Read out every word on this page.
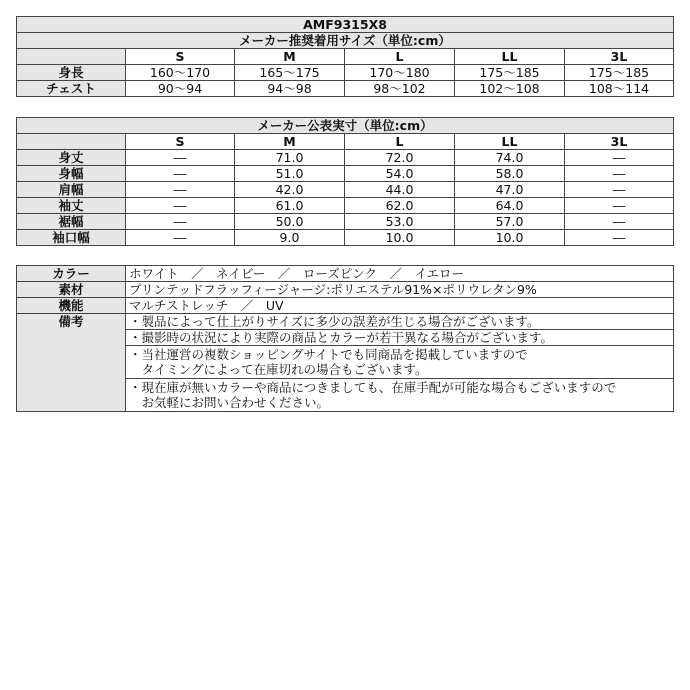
AMF9315X8					
メーカー推奨着用サイズ（単位:cm）					
	S	M	L	LL	3L
身長	160～170	165～175	170～180	175～185	175～185
チェスト	90～94	94～98	98～102	102～108	108～114
メーカー公表実寸（単位:cm）					
	S	M	L	LL	3L
身丈	―	71.0	72.0	74.0	―
身幅	―	51.0	54.0	58.0	―
肩幅	―	42.0	44.0	47.0	―
袖丈	―	61.0	62.0	64.0	―
裾幅	―	50.0	53.0	57.0	―
袖口幅	―	9.0	10.0	10.0	―
カラー	ホワイト　／　ネイビー　／　ローズピンク　／　イエロー
素材	プリンテッドフラッフィージャージ:ポリエステル91%×ポリウレタン9%
機能	マルチストレッチ　／　UV
備考	・製品によって仕上がりサイズに多少の誤差が生じる場合がございます。

	・撮影時の状況により実際の商品とカラーが若干異なる場合がございます。

	・当社運営の複数ショッピングサイトでも同商品を掲載していますので
　タイミングによって在庫切れの場合もございます。

	・現在庫が無いカラーや商品につきましても、在庫手配が可能な場合もございますので
　お気軽にお問い合わせください。
